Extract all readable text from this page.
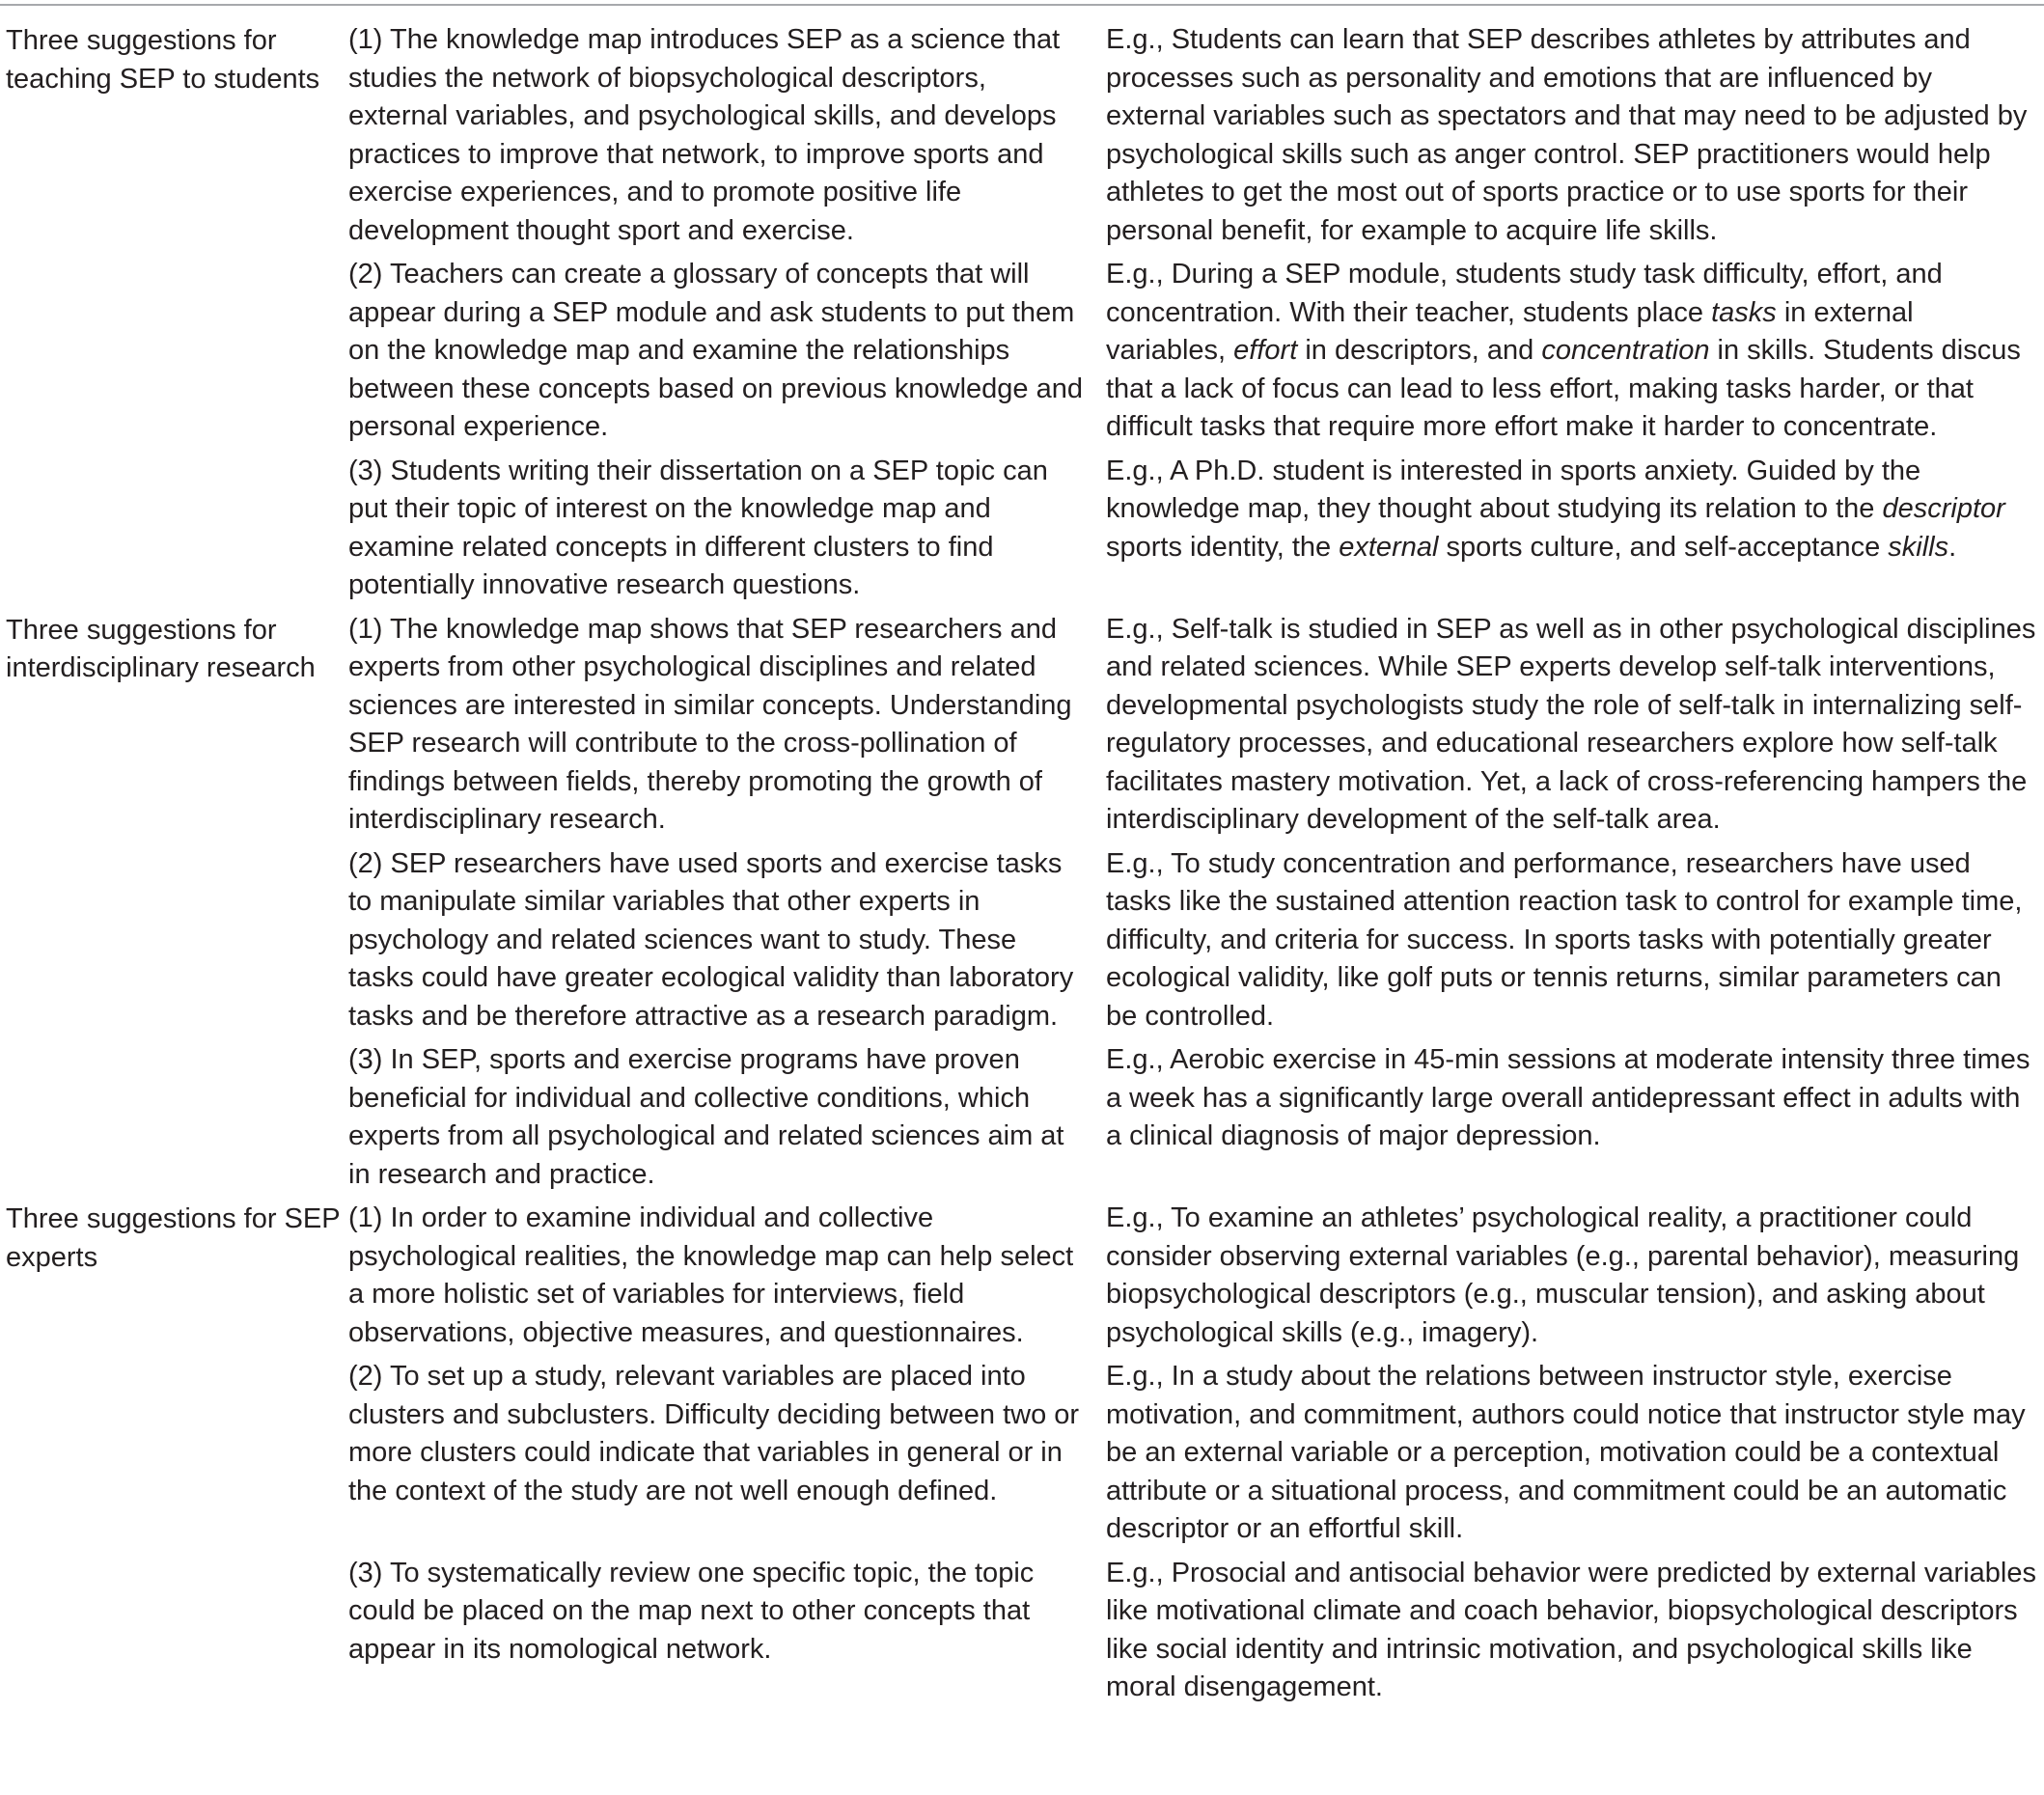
Three suggestions for teaching SEP to students
(1) The knowledge map introduces SEP as a science that studies the network of biopsychological descriptors, external variables, and psychological skills, and develops practices to improve that network, to improve sports and exercise experiences, and to promote positive life development thought sport and exercise.
E.g., Students can learn that SEP describes athletes by attributes and processes such as personality and emotions that are influenced by external variables such as spectators and that may need to be adjusted by psychological skills such as anger control. SEP practitioners would help athletes to get the most out of sports practice or to use sports for their personal benefit, for example to acquire life skills.
(2) Teachers can create a glossary of concepts that will appear during a SEP module and ask students to put them on the knowledge map and examine the relationships between these concepts based on previous knowledge and personal experience.
E.g., During a SEP module, students study task difficulty, effort, and concentration. With their teacher, students place tasks in external variables, effort in descriptors, and concentration in skills. Students discus that a lack of focus can lead to less effort, making tasks harder, or that difficult tasks that require more effort make it harder to concentrate.
(3) Students writing their dissertation on a SEP topic can put their topic of interest on the knowledge map and examine related concepts in different clusters to find potentially innovative research questions.
E.g., A Ph.D. student is interested in sports anxiety. Guided by the knowledge map, they thought about studying its relation to the descriptor sports identity, the external sports culture, and self-acceptance skills.
Three suggestions for interdisciplinary research
(1) The knowledge map shows that SEP researchers and experts from other psychological disciplines and related sciences are interested in similar concepts. Understanding SEP research will contribute to the cross-pollination of findings between fields, thereby promoting the growth of interdisciplinary research.
E.g., Self-talk is studied in SEP as well as in other psychological disciplines and related sciences. While SEP experts develop self-talk interventions, developmental psychologists study the role of self-talk in internalizing self-regulatory processes, and educational researchers explore how self-talk facilitates mastery motivation. Yet, a lack of cross-referencing hampers the interdisciplinary development of the self-talk area.
(2) SEP researchers have used sports and exercise tasks to manipulate similar variables that other experts in psychology and related sciences want to study. These tasks could have greater ecological validity than laboratory tasks and be therefore attractive as a research paradigm.
E.g., To study concentration and performance, researchers have used tasks like the sustained attention reaction task to control for example time, difficulty, and criteria for success. In sports tasks with potentially greater ecological validity, like golf puts or tennis returns, similar parameters can be controlled.
(3) In SEP, sports and exercise programs have proven beneficial for individual and collective conditions, which experts from all psychological and related sciences aim at in research and practice.
E.g., Aerobic exercise in 45-min sessions at moderate intensity three times a week has a significantly large overall antidepressant effect in adults with a clinical diagnosis of major depression.
Three suggestions for SEP experts
(1) In order to examine individual and collective psychological realities, the knowledge map can help select a more holistic set of variables for interviews, field observations, objective measures, and questionnaires.
E.g., To examine an athletes’ psychological reality, a practitioner could consider observing external variables (e.g., parental behavior), measuring biopsychological descriptors (e.g., muscular tension), and asking about psychological skills (e.g., imagery).
(2) To set up a study, relevant variables are placed into clusters and subclusters. Difficulty deciding between two or more clusters could indicate that variables in general or in the context of the study are not well enough defined.
E.g., In a study about the relations between instructor style, exercise motivation, and commitment, authors could notice that instructor style may be an external variable or a perception, motivation could be a contextual attribute or a situational process, and commitment could be an automatic descriptor or an effortful skill.
(3) To systematically review one specific topic, the topic could be placed on the map next to other concepts that appear in its nomological network.
E.g., Prosocial and antisocial behavior were predicted by external variables like motivational climate and coach behavior, biopsychological descriptors like social identity and intrinsic motivation, and psychological skills like moral disengagement.
